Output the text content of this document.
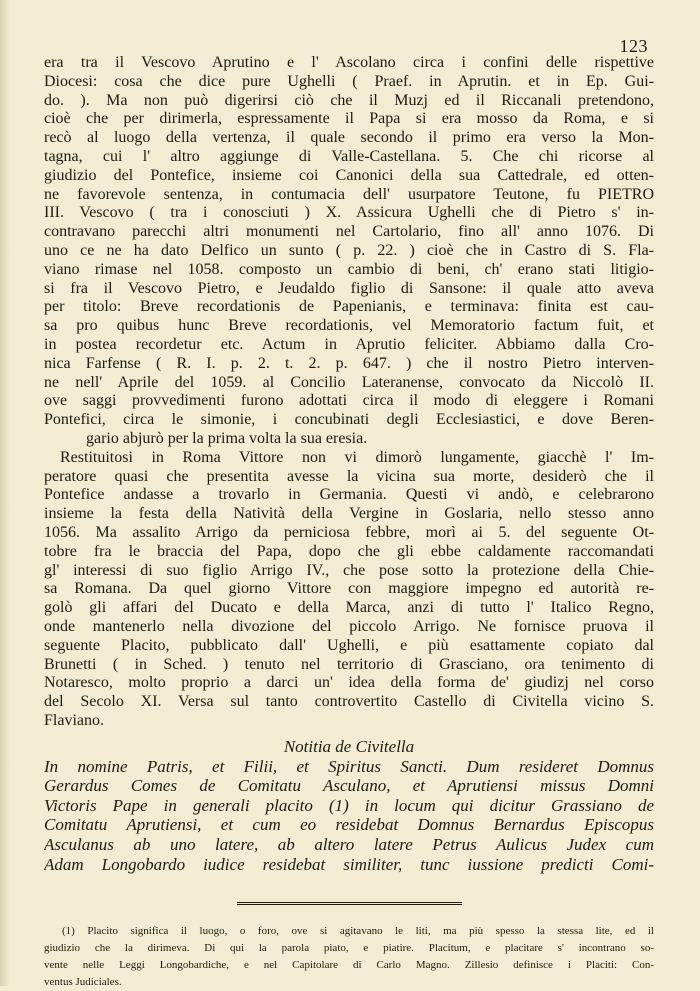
123
era tra il Vescovo Aprutino e l' Ascolano circa i confini delle rispettive
Diocesi: cosa che dice pure Ughelli ( Praef. in Aprutin. et in Ep. Gui-
do. ). Ma non può digerirsi ciò che il Muzj ed il Riccanali pretendono,
cioè che per dirimerla, espressamente il Papa si era mosso da Roma, e si
recò al luogo della vertenza, il quale secondo il primo era verso la Mon-
tagna, cui l' altro aggiunge di Valle-Castellana. 5. Che chi ricorse al
giudizio del Pontefice, insieme coi Canonici della sua Cattedrale, ed otten-
ne favorevole sentenza, in contumacia dell' usurpatore Teutone, fu PIETRO
III. Vescovo ( tra i conosciuti ) X. Assicura Ughelli che di Pietro s' in-
contravano parecchi altri monumenti nel Cartolario, fino all' anno 1076. Di
uno ce ne ha dato Delfico un sunto ( p. 22. ) cioè che in Castro di S. Fla-
viano rimase nel 1058. composto un cambio di beni, ch' erano stati litigio-
si fra il Vescovo Pietro, e Jeudaldo figlio di Sansone: il quale atto aveva
per titolo: Breve recordationis de Papenianis, e terminava: finita est cau-
sa pro quibus hunc Breve recordationis, vel Memoratorio factum fuit, et
in postea recordetur etc. Actum in Aprutio feliciter. Abbiamo dalla Cro-
nica Farfense ( R. I. p. 2. t. 2. p. 647. ) che il nostro Pietro interven-
ne nell' Aprile del 1059. al Concilio Lateranense, convocato da Niccolò II.
ove saggi provvedimenti furono adottati circa il modo di eleggere i Romani
Pontefici, circa le simonie, i concubinati degli Ecclesiastici, e dove Beren-
gario abjurò per la prima volta la sua eresia.
Restituitosi in Roma Vittore non vi dimorò lungamente, giacchè l' Im-
peratore quasi che presentita avesse la vicina sua morte, desiderò che il
Pontefice andasse a trovarlo in Germania. Questi vi andò, e celebrarono
insieme la festa della Natività della Vergine in Goslaria, nello stesso anno
1056. Ma assalito Arrigo da perniciosa febbre, morì ai 5. del seguente Ot-
tobre fra le braccia del Papa, dopo che gli ebbe caldamente raccomandati
gl' interessi di suo figlio Arrigo IV., che pose sotto la protezione della Chie-
sa Romana. Da quel giorno Vittore con maggiore impegno ed autorità re-
golò gli affari del Ducato e della Marca, anzi di tutto l' Italico Regno,
onde mantenerlo nella divozione del piccolo Arrigo. Ne fornisce pruova il
seguente Placito, pubblicato dall' Ughelli, e più esattamente copiato dal
Brunetti ( in Sched. ) tenuto nel territorio di Grasciano, ora tenimento di
Notaresco, molto proprio a darci un' idea della forma de' giudizj nel corso
del Secolo XI. Versa sul tanto controvertito Castello di Civitella vicino S.
Flaviano.
Notitia de Civitella
In nomine Patris, et Filii, et Spiritus Sancti. Dum resideret Domnus
Gerardus Comes de Comitatu Asculano, et Aprutiensi missus Domni
Victoris Pape in generali placito (1) in locum qui dicitur Grassiano de
Comitatu Aprutiensi, et cum eo residebat Domnus Bernardus Episcopus
Asculanus ab uno latere, ab altero latere Petrus Aulicus Judex cum
Adam Longobardo iudice residebat similiter, tunc iussione predicti Comi-
(1) Placito significa il luogo, o foro, ove si agitavano le liti, ma più spesso la stessa lite, ed il
giudizio che la dirimeva. Di qui la parola piato, e piatire. Placitum, e placitare s' incontrano so-
vente nelle Leggi Longobardiche, e nel Capitolare di Carlo Magno. Zillesio definisce i Placiti: Con-
ventus Judiciales.
